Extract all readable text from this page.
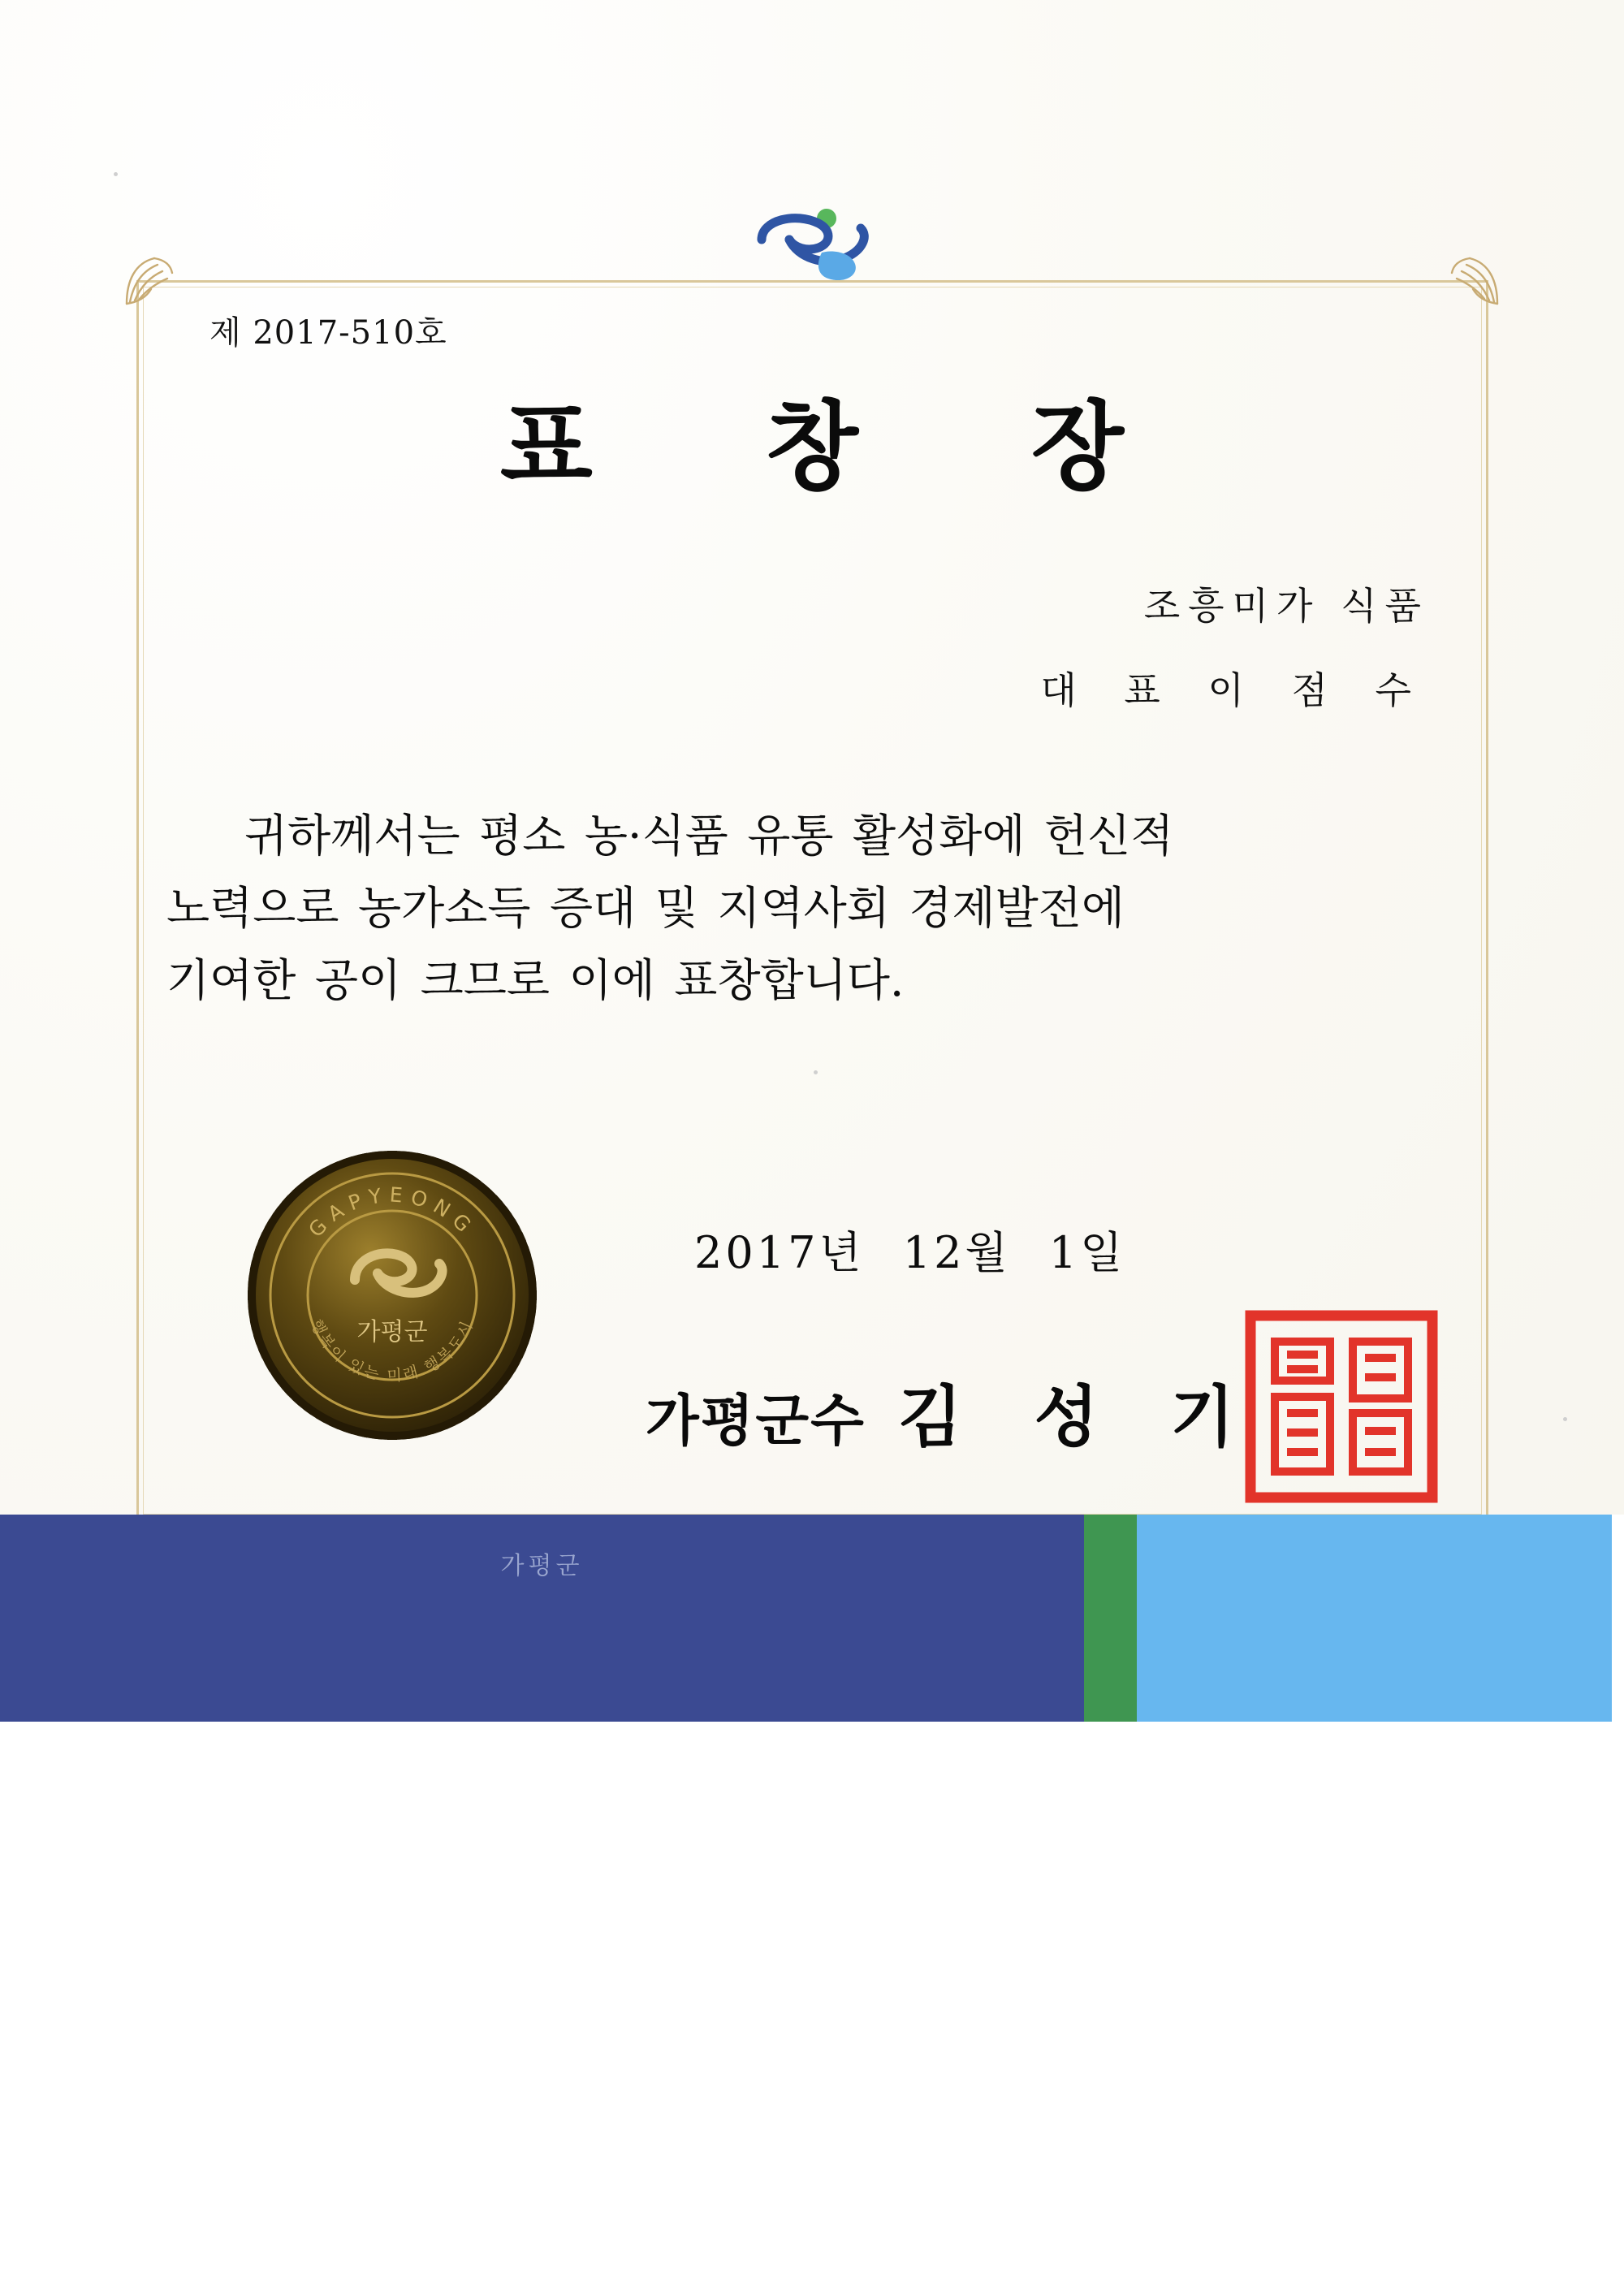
제 2017-510호
표 창 장
조흥미가 식품
대 표 이 점 수

귀하께서는 평소 농·식품 유통 활성화에 헌신적

노력으로 농가소득 증대 및 지역사회 경제발전에

기여한 공이 크므로 이에 표창합니다.

GAPYEONG
행복이 있는 미래 행복도시
가평군
2017년 12월 1일
가평군수 김 성 기
가평군
